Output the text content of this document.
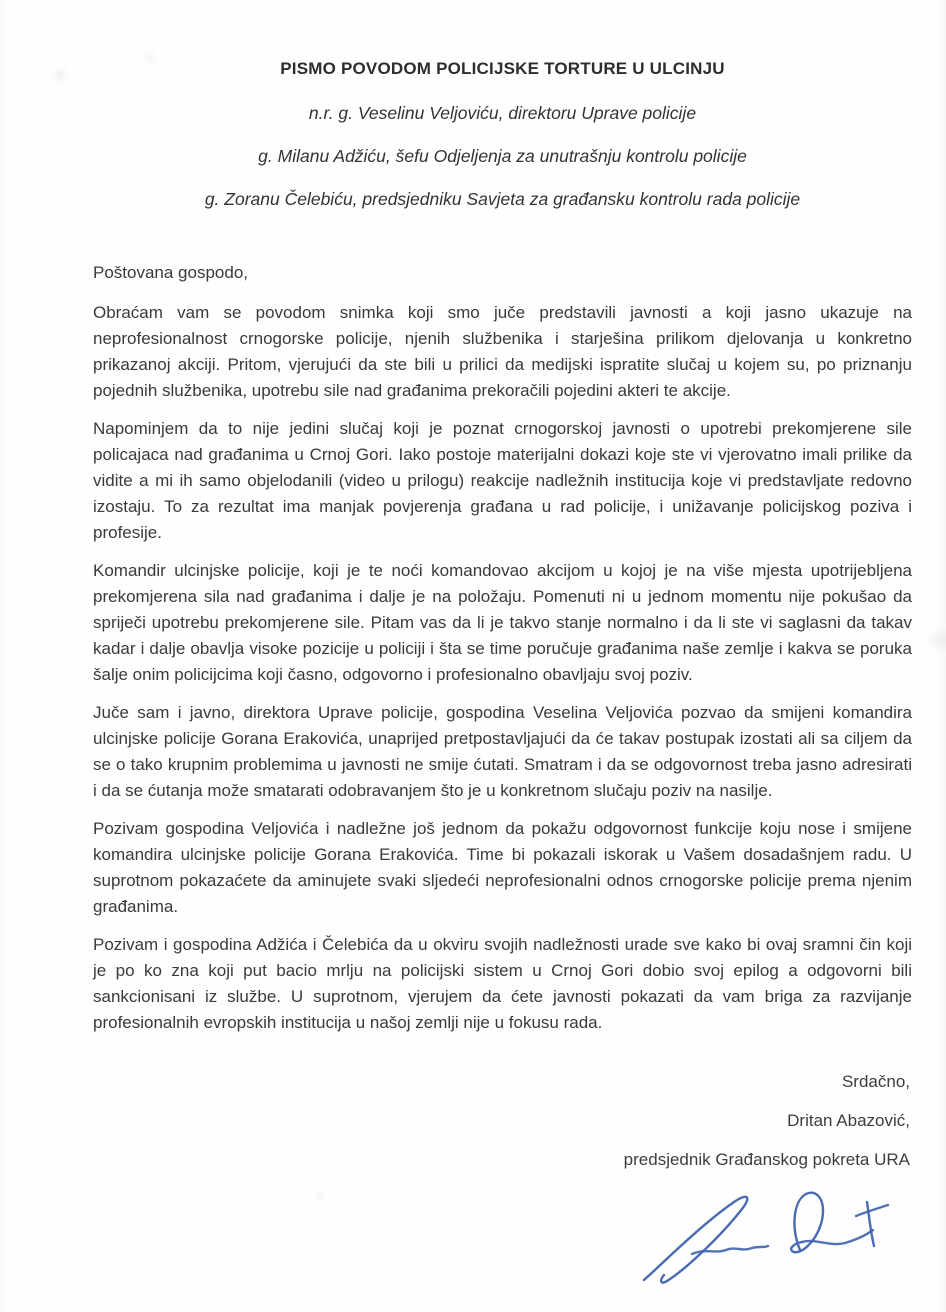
PISMO POVODOM POLICIJSKE TORTURE U ULCINJU
n.r. g. Veselinu Veljoviću, direktoru Uprave policije
g. Milanu Adžiću, šefu Odjeljenja za unutrašnju kontrolu policije
g. Zoranu Čelebiću, predsjedniku Savjeta za građansku kontrolu rada policije
Poštovana gospodo,

Obraćam vam se povodom snimka koji smo juče predstavili javnosti a koji jasno ukazuje na neprofesionalnost crnogorske policije, njenih službenika i starješina prilikom djelovanja u konkretno prikazanoj akciji. Pritom, vjerujući da ste bili u prilici da medijski ispratite slučaj u kojem su, po priznanju pojednih službenika, upotrebu sile nad građanima prekoračili pojedini akteri te akcije.

Napominjem da to nije jedini slučaj koji je poznat crnogorskoj javnosti o upotrebi prekomjerene sile policajaca nad građanima u Crnoj Gori. Iako postoje materijalni dokazi koje ste vi vjerovatno imali prilike da vidite a mi ih samo objelodanili (video u prilogu) reakcije nadležnih institucija koje vi predstavljate redovno izostaju. To za rezultat ima manjak povjerenja građana u rad policije, i unižavanje policijskog poziva i profesije.

Komandir ulcinjske policije, koji je te noći komandovao akcijom u kojoj je na više mjesta upotrijebljena prekomjerena sila nad građanima i dalje je na položaju. Pomenuti ni u jednom momentu nije pokušao da spriječi upotrebu prekomjerene sile. Pitam vas da li je takvo stanje normalno i da li ste vi saglasni da takav kadar i dalje obavlja visoke pozicije u policiji i šta se time poručuje građanima naše zemlje i kakva se poruka šalje onim policijcima koji časno, odgovorno i profesionalno obavljaju svoj poziv.

Juče sam i javno, direktora Uprave policije, gospodina Veselina Veljovića pozvao da smijeni komandira ulcinjske policije Gorana Erakovića, unaprijed pretpostavljajući da će takav postupak izostati ali sa ciljem da se o tako krupnim problemima u javnosti ne smije ćutati. Smatram i da se odgovornost treba jasno adresirati i da se ćutanja može smatarati odobravanjem što je u konkretnom slučaju poziv na nasilje.

Pozivam gospodina Veljovića i nadležne još jednom da pokažu odgovornost funkcije koju nose i smijene komandira ulcinjske policije Gorana Erakovića. Time bi pokazali iskorak u Vašem dosadašnjem radu. U suprotnom pokazaćete da aminujete svaki sljedeći neprofesionalni odnos crnogorske policije prema njenim građanima.

Pozivam i gospodina Adžića i Čelebića da u okviru svojih nadležnosti urade sve kako bi ovaj sramni čin koji je po ko zna koji put bacio mrlju na policijski sistem u Crnoj Gori dobio svoj epilog a odgovorni bili sankcionisani iz službe. U suprotnom, vjerujem da ćete javnosti pokazati da vam briga za razvijanje profesionalnih evropskih institucija u našoj zemlji nije u fokusu rada.

Srdačno,
Dritan Abazović,
predsjednik Građanskog pokreta URA
